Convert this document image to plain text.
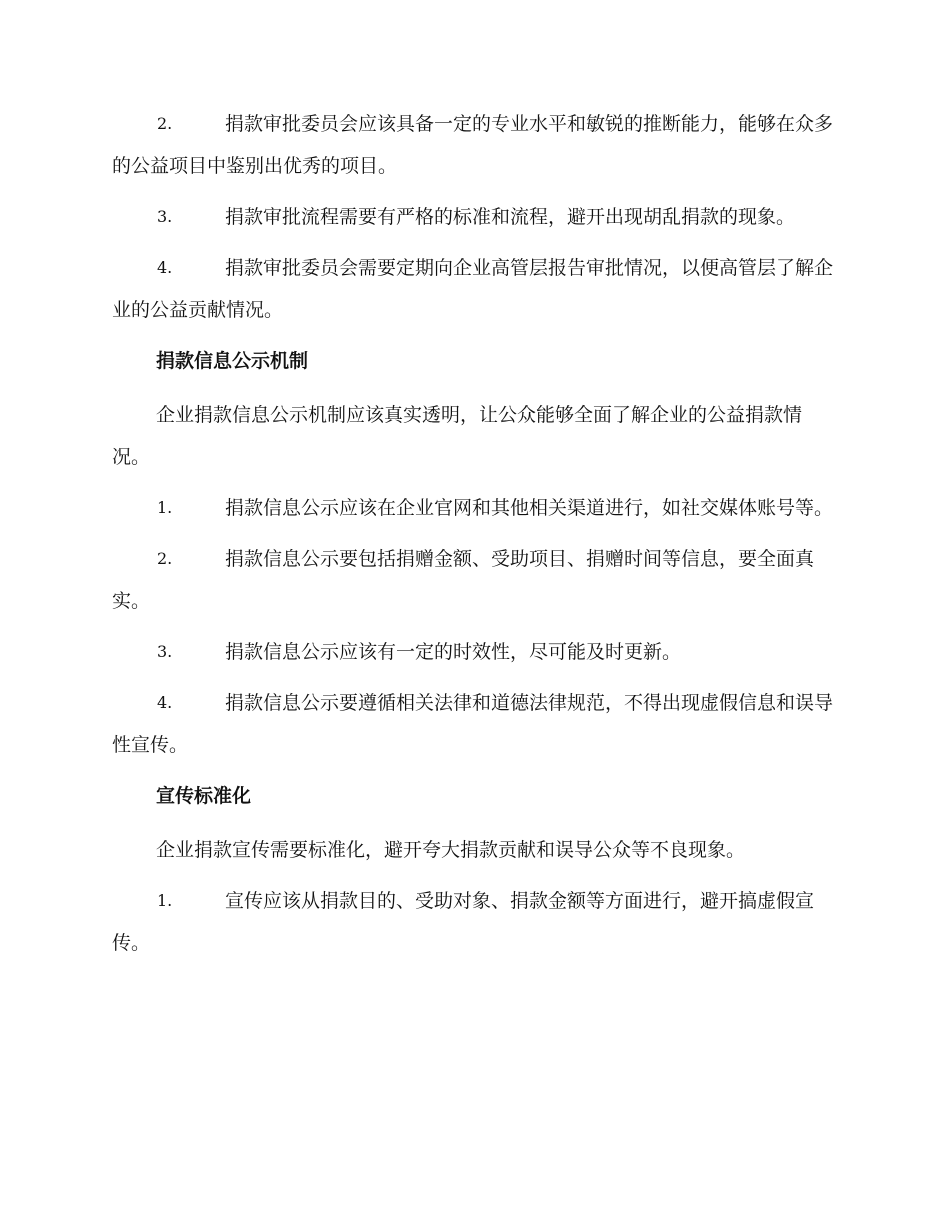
2.	捐款审批委员会应该具备一定的专业水平和敏锐的推断能力，能够在众多的公益项目中鉴别出优秀的项目。
3.	捐款审批流程需要有严格的标准和流程，避开出现胡乱捐款的现象。
4.	捐款审批委员会需要定期向企业高管层报告审批情况，以便高管层了解企业的公益贡献情况。
捐款信息公示机制
企业捐款信息公示机制应该真实透明，让公众能够全面了解企业的公益捐款情况。
1.	捐款信息公示应该在企业官网和其他相关渠道进行，如社交媒体账号等。
2.	捐款信息公示要包括捐赠金额、受助项目、捐赠时间等信息，要全面真实。
3.	捐款信息公示应该有一定的时效性，尽可能及时更新。
4.	捐款信息公示要遵循相关法律和道德法律规范，不得出现虚假信息和误导性宣传。
宣传标准化
企业捐款宣传需要标准化，避开夸大捐款贡献和误导公众等不良现象。
1.	宣传应该从捐款目的、受助对象、捐款金额等方面进行，避开搞虚假宣传。
